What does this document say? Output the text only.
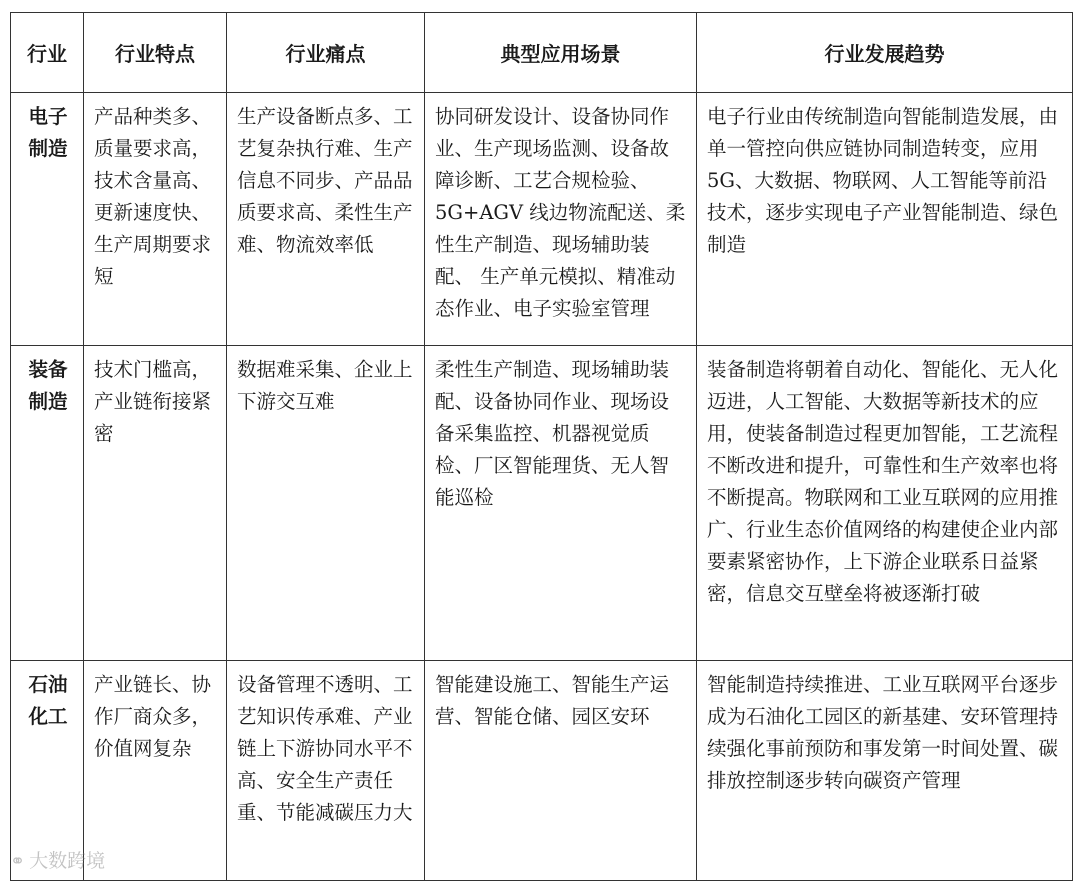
行业	行业特点	行业痛点	典型应用场景	行业发展趋势
电子制造	产品种类多、质量要求高，技术含量高、更新速度快、生产周期要求短	生产设备断点多、工艺复杂执行难、生产信息不同步、产品品质要求高、柔性生产难、物流效率低	协同研发设计、设备协同作业、生产现场监测、设备故障诊断、工艺合规检验、5G+AGV 线边物流配送、柔性生产制造、现场辅助装配、 生产单元模拟、精准动态作业、电子实验室管理	电子行业由传统制造向智能制造发展，由单一管控向供应链协同制造转变，应用 5G、大数据、物联网、人工智能等前沿技术，逐步实现电子产业智能制造、绿色制造
装备制造	技术门槛高，产业链衔接紧密	数据难采集、企业上下游交互难	柔性生产制造、现场辅助装配、设备协同作业、现场设备采集监控、机器视觉质检、厂区智能理货、无人智能巡检	装备制造将朝着自动化、智能化、无人化迈进，人工智能、大数据等新技术的应用，使装备制造过程更加智能，工艺流程不断改进和提升，可靠性和生产效率也将不断提高。物联网和工业互联网的应用推广、行业生态价值网络的构建使企业内部要素紧密协作，上下游企业联系日益紧密，信息交互壁垒将被逐渐打破
石油化工	产业链长、协作厂商众多，价值网复杂	设备管理不透明、工艺知识传承难、产业链上下游协同水平不高、安全生产责任重、节能减碳压力大	智能建设施工、智能生产运营、智能仓储、园区安环	智能制造持续推进、工业互联网平台逐步成为石油化工园区的新基建、安环管理持续强化事前预防和事发第一时间处置、碳排放控制逐步转向碳资产管理
⚭ 大数跨境
